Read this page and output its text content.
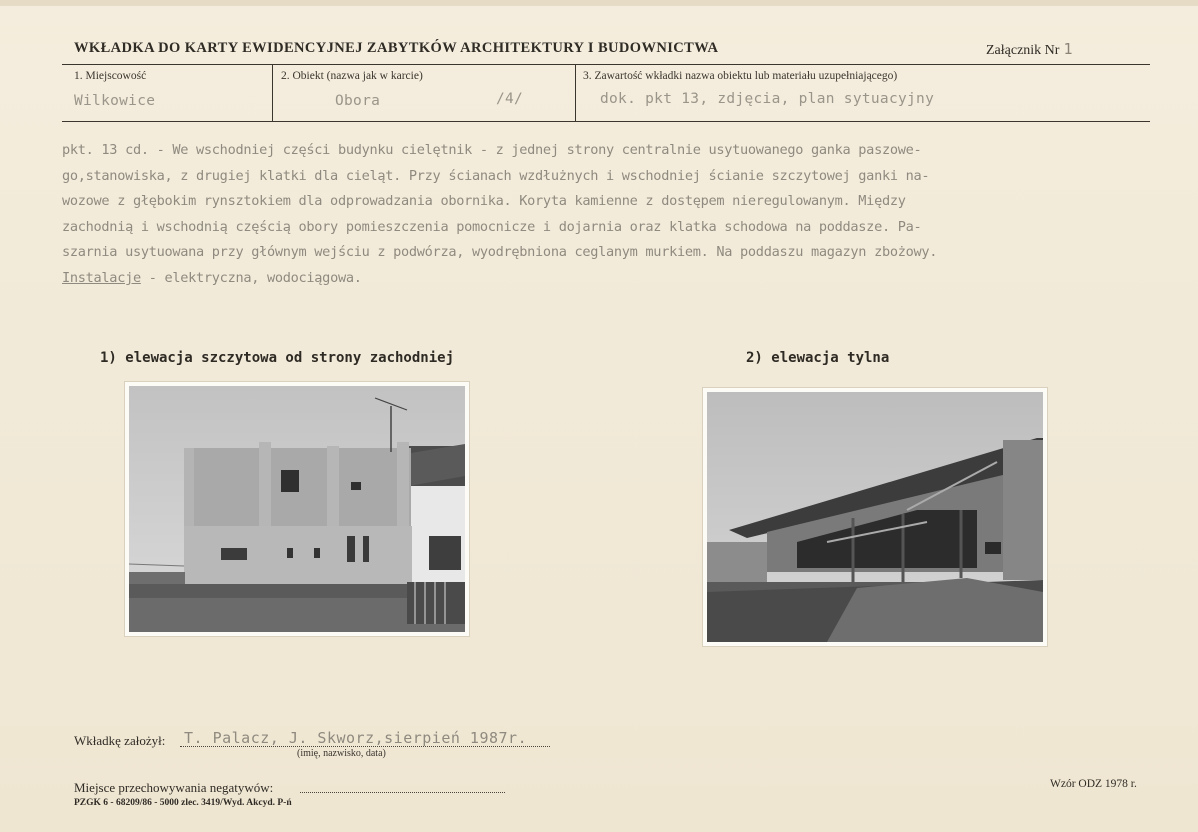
WKŁADKA DO KARTY EWIDENCYJNEJ ZABYTKÓW ARCHITEKTURY I BUDOWNICTWA	Załącznik Nr 1
1. Miejscowość
Wilkowice
2. Obiekt (nazwa jak w karcie)
Obora	/4/
3. Zawartość wkładki nazwa obiektu lub materiału uzupełniającego)
dok. pkt 13, zdjęcia, plan sytuacyjny
pkt. 13 cd. - We wschodniej części budynku cielętnik - z jednej strony centralnie usytuowanego ganka paszowe-
go,stanowiska, z drugiej klatki dla cieląt. Przy ścianach wzdłużnych i wschodniej ścianie szczytowej ganki na-
wozowe z głębokim rynsztokiem dla odprowadzania obornika. Koryta kamienne z dostępem nieregulowanym. Między
zachodnią i wschodnią częścią obory pomieszczenia pomocnicze i dojarnia oraz klatka schodowa na poddasze. Pa-
szarnia usytuowana przy głównym wejściu z podwórza, wyodrębniona ceglanym murkiem. Na poddaszu magazyn zbożowy.
Instalacje - elektryczna, wodociągowa.
1) elewacja szczytowa od strony zachodniej	2) elewacja tylna
Wkładkę założył: T. Palacz, J. Skworz,sierpień 1987r.
(imię, nazwisko, data)
Miejsce przechowywania negatywów:
PZGK 6 - 68209/86 - 5000 zlec. 3419/Wyd. Akcyd. P-ń
Wzór ODZ 1978 r.
